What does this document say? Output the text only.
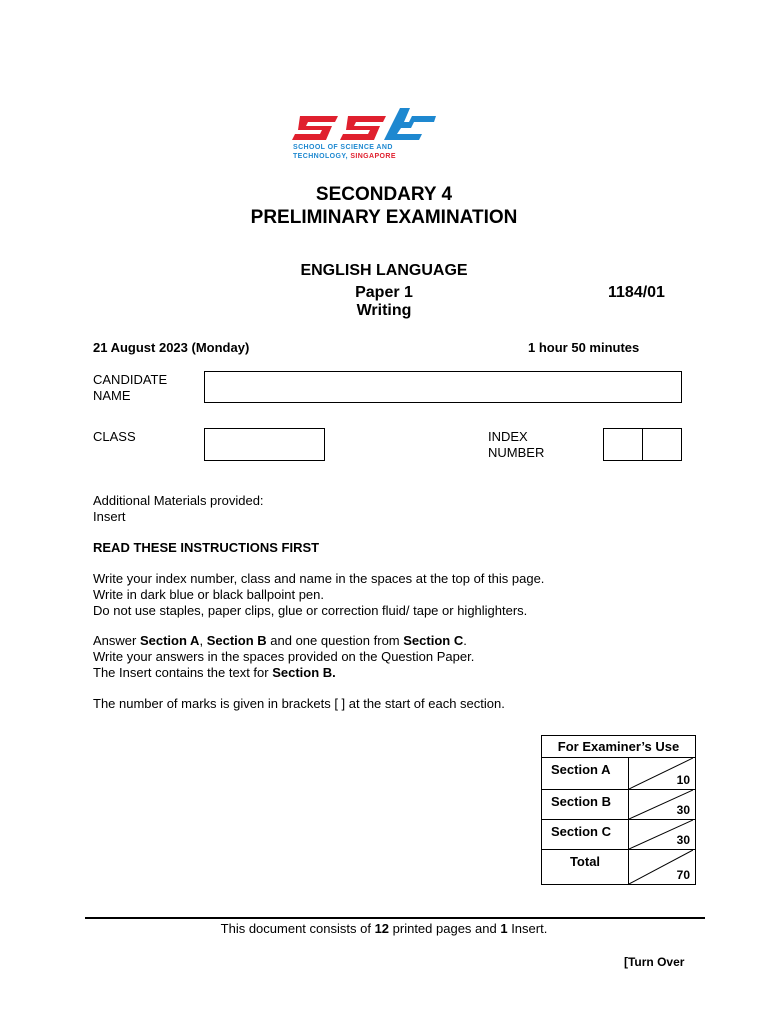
SCHOOL OF SCIENCE AND
TECHNOLOGY, SINGAPORE
SECONDARY 4
PRELIMINARY EXAMINATION
ENGLISH LANGUAGE
Paper 1	1184/01
Writing
21 August 2023 (Monday)	1 hour 50 minutes
CANDIDATE
NAME
CLASS	INDEX
NUMBER
Additional Materials provided:
Insert
READ THESE INSTRUCTIONS FIRST
Write your index number, class and name in the spaces at the top of this page.
Write in dark blue or black ballpoint pen.
Do not use staples, paper clips, glue or correction fluid/ tape or highlighters.
Answer Section A, Section B and one question from Section C.
Write your answers in the spaces provided on the Question Paper.
The Insert contains the text for Section B.
The number of marks is given in brackets [ ] at the start of each section.
For Examiner’s Use	
Section A	10

Section B	30

Section C	30

Total	70
This document consists of 12 printed pages and 1 Insert.
[Turn Over
